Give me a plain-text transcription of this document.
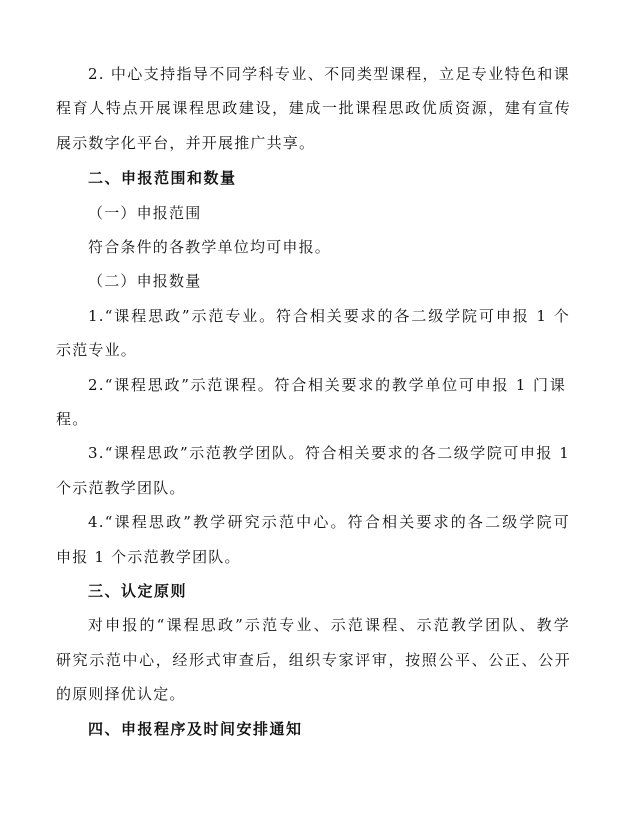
2. 中心支持指导不同学科专业、不同类型课程，立足专业特色和课
程育人特点开展课程思政建设，建成一批课程思政优质资源，建有宣传
展示数字化平台，并开展推广共享。
二、申报范围和数量
（一）申报范围
符合条件的各教学单位均可申报。
（二）申报数量
1.“课程思政”示范专业。符合相关要求的各二级学院可申报 1 个
示范专业。
2.“课程思政”示范课程。符合相关要求的教学单位可申报 1 门课
程。
3.“课程思政”示范教学团队。符合相关要求的各二级学院可申报 1
个示范教学团队。
4.“课程思政”教学研究示范中心。符合相关要求的各二级学院可
申报 1 个示范教学团队。
三、认定原则
对申报的“课程思政”示范专业、示范课程、示范教学团队、教学
研究示范中心，经形式审查后，组织专家评审，按照公平、公正、公开
的原则择优认定。
四、申报程序及时间安排通知
